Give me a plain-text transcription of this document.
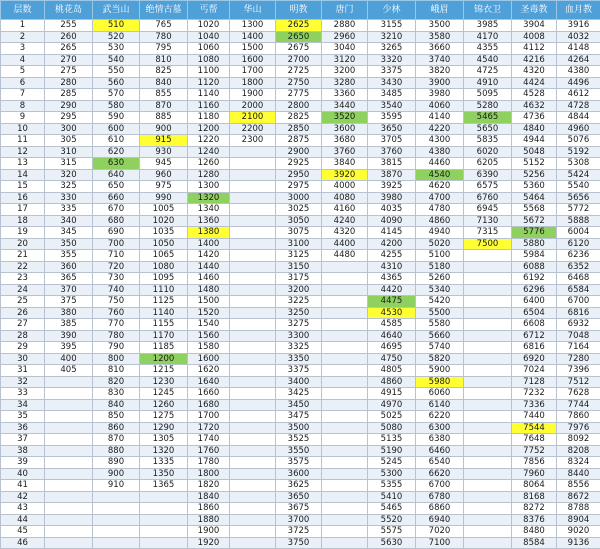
层数	桃花岛	武当山	绝情古墓	丐帮	华山	明教	唐门	少林	峨眉	锦衣卫	圣毒教	血月教
1	255	510	765	1020	1300	2625	2880	3155	3500	3985	3904	3916
2	260	520	780	1040	1400	2650	2960	3210	3580	4170	4008	4032
3	265	530	795	1060	1500	2675	3040	3265	3660	4355	4112	4148
4	270	540	810	1080	1600	2700	3120	3320	3740	4540	4216	4264
5	275	550	825	1100	1700	2725	3200	3375	3820	4725	4320	4380
6	280	560	840	1120	1800	2750	3280	3430	3900	4910	4424	4496
7	285	570	855	1140	1900	2775	3360	3485	3980	5095	4528	4612
8	290	580	870	1160	2000	2800	3440	3540	4060	5280	4632	4728
9	295	590	885	1180	2100	2825	3520	3595	4140	5465	4736	4844
10	300	600	900	1200	2200	2850	3600	3650	4220	5650	4840	4960
11	305	610	915	1220	2300	2875	3680	3705	4300	5835	4944	5076
12	310	620	930	1240		2900	3760	3760	4380	6020	5048	5192
13	315	630	945	1260		2925	3840	3815	4460	6205	5152	5308
14	320	640	960	1280		2950	3920	3870	4540	6390	5256	5424
15	325	650	975	1300		2975	4000	3925	4620	6575	5360	5540
16	330	660	990	1320		3000	4080	3980	4700	6760	5464	5656
17	335	670	1005	1340		3025	4160	4035	4780	6945	5568	5772
18	340	680	1020	1360		3050	4240	4090	4860	7130	5672	5888
19	345	690	1035	1380		3075	4320	4145	4940	7315	5776	6004
20	350	700	1050	1400		3100	4400	4200	5020	7500	5880	6120
21	355	710	1065	1420		3125	4480	4255	5100		5984	6236
22	360	720	1080	1440		3150		4310	5180		6088	6352
23	365	730	1095	1460		3175		4365	5260		6192	6468
24	370	740	1110	1480		3200		4420	5340		6296	6584
25	375	750	1125	1500		3225		4475	5420		6400	6700
26	380	760	1140	1520		3250		4530	5500		6504	6816
27	385	770	1155	1540		3275		4585	5580		6608	6932
28	390	780	1170	1560		3300		4640	5660		6712	7048
29	395	790	1185	1580		3325		4695	5740		6816	7164
30	400	800	1200	1600		3350		4750	5820		6920	7280
31	405	810	1215	1620		3375		4805	5900		7024	7396
32		820	1230	1640		3400		4860	5980		7128	7512
33		830	1245	1660		3425		4915	6060		7232	7628
34		840	1260	1680		3450		4970	6140		7336	7744
35		850	1275	1700		3475		5025	6220		7440	7860
36		860	1290	1720		3500		5080	6300		7544	7976
37		870	1305	1740		3525		5135	6380		7648	8092
38		880	1320	1760		3550		5190	6460		7752	8208
39		890	1335	1780		3575		5245	6540		7856	8324
40		900	1350	1800		3600		5300	6620		7960	8440
41		910	1365	1820		3625		5355	6700		8064	8556
42				1840		3650		5410	6780		8168	8672
43				1860		3675		5465	6860		8272	8788
44				1880		3700		5520	6940		8376	8904
45				1900		3725		5575	7020		8480	9020
46				1920		3750		5630	7100		8584	9136
